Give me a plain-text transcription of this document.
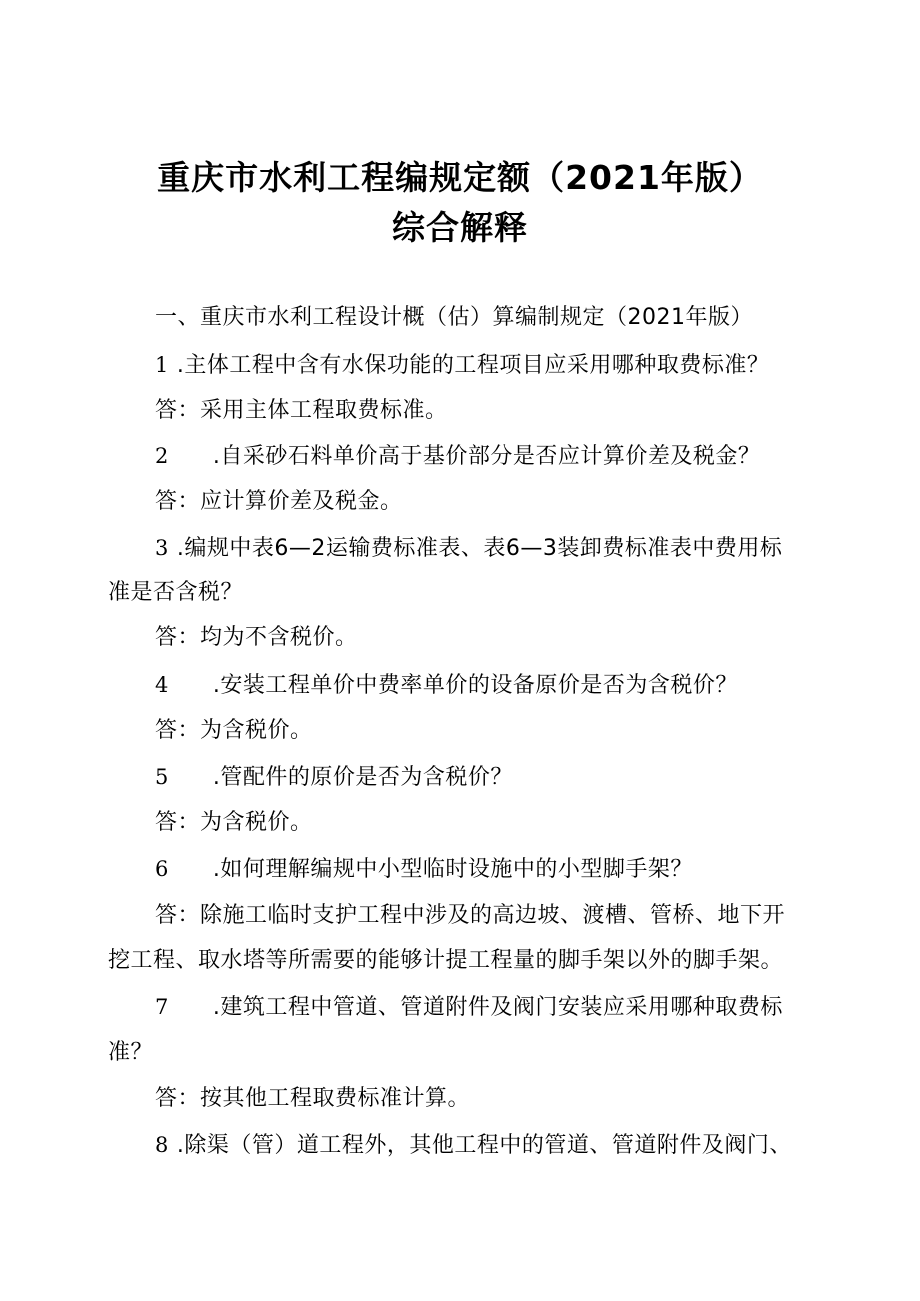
重庆市水利工程编规定额（2021年版）
综合解释
一、重庆市水利工程设计概（估）算编制规定（2021年版）
1 .主体工程中含有水保功能的工程项目应采用哪种取费标准？
答：采用主体工程取费标准。
2 .自采砂石料单价高于基价部分是否应计算价差及税金？
答：应计算价差及税金。
3 .编规中表6—2运输费标准表、表6—3装卸费标准表中费用标
准是否含税？
答：均为不含税价。
4 .安装工程单价中费率单价的设备原价是否为含税价？
答：为含税价。
5 .管配件的原价是否为含税价？
答：为含税价。
6 .如何理解编规中小型临时设施中的小型脚手架？
答：除施工临时支护工程中涉及的高边坡、渡槽、管桥、地下开
挖工程、取水塔等所需要的能够计提工程量的脚手架以外的脚手架。
7 .建筑工程中管道、管道附件及阀门安装应采用哪种取费标
准？
答：按其他工程取费标准计算。
8 .除渠（管）道工程外，其他工程中的管道、管道附件及阀门、
